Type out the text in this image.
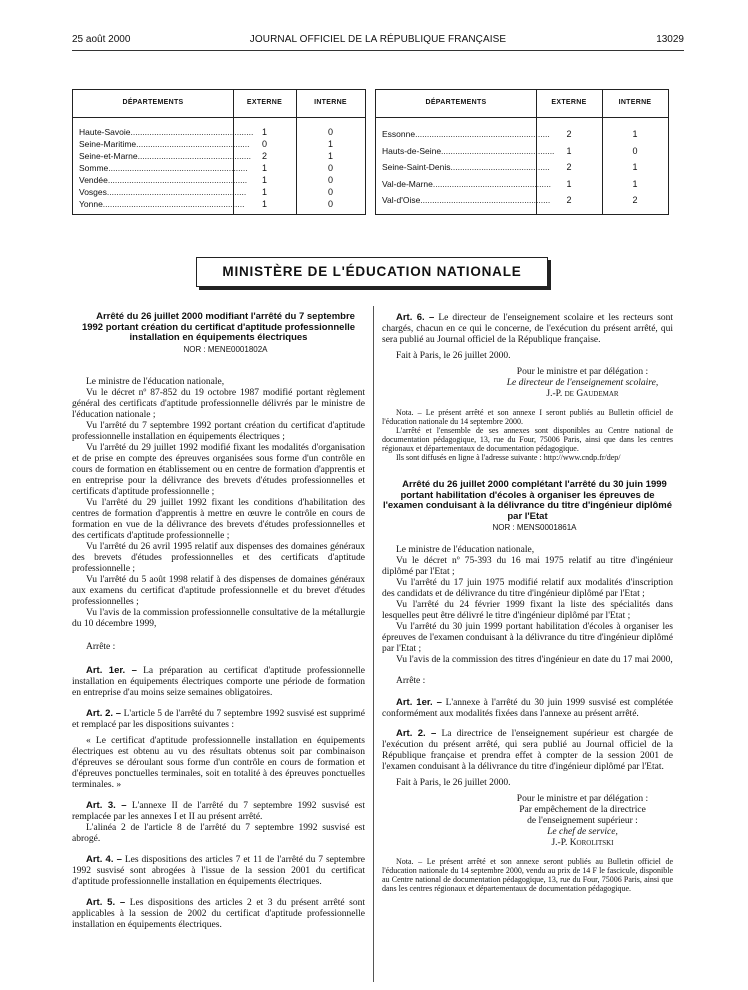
25 août 2000	JOURNAL OFFICIEL DE LA RÉPUBLIQUE FRANÇAISE	13029
DÉPARTEMENTS	EXTERNE	INTERNE
Haute-Savoie.................................................... 1	0
Seine-Maritime................................................	0	1
Seine-et-Marne................................................	2	1
Somme...........................................................	1	0
Vendée...........................................................	1	0
Vosges...........................................................	1	0
Yonne............................................................	1	0
DÉPARTEMENTS	EXTERNE	INTERNE
Essonne.........................................................	2	1
Hauts-de-Seine................................................	1	0
Seine-Saint-Denis..........................................	2	1
Val-de-Marne..................................................	1	1
Val-d'Oise.......................................................	2	2
MINISTÈRE DE L'ÉDUCATION NATIONALE

Arrêté du 26 juillet 2000 modifiant l'arrêté du 7 septembre 1992 portant création du certificat d'aptitude professionnelle installation en équipements électriques

NOR : MENE0001802A

Le ministre de l'éducation nationale,

Vu le décret nº 87-852 du 19 octobre 1987 modifié portant règlement général des certificats d'aptitude professionnelle délivrés par le ministre de l'éducation nationale ;

Vu l'arrêté du 7 septembre 1992 portant création du certificat d'aptitude professionnelle installation en équipements électriques ;

Vu l'arrêté du 29 juillet 1992 modifié fixant les modalités d'organisation et de prise en compte des épreuves organisées sous forme d'un contrôle en cours de formation en établissement ou en centre de formation d'apprentis et en entreprise pour la délivrance des brevets d'études professionnelles et certificats d'aptitude professionnelle ;

Vu l'arrêté du 29 juillet 1992 fixant les conditions d'habilitation des centres de formation d'apprentis à mettre en œuvre le contrôle en cours de formation en vue de la délivrance des brevets d'études professionnelles et des certificats d'aptitude professionnelle ;

Vu l'arrêté du 26 avril 1995 relatif aux dispenses des domaines généraux des brevets d'études professionnelles et des certificats d'aptitude professionnelle ;

Vu l'arrêté du 5 août 1998 relatif à des dispenses de domaines généraux aux examens du certificat d'aptitude professionnelle et du brevet d'études professionnelles ;

Vu l'avis de la commission professionnelle consultative de la métallurgie du 10 décembre 1999,

Arrête :

Art. 1er. – La préparation au certificat d'aptitude professionnelle installation en équipements électriques comporte une période de formation en entreprise d'au moins seize semaines obligatoires.

Art. 2. – L'article 5 de l'arrêté du 7 septembre 1992 susvisé est supprimé et remplacé par les dispositions suivantes :

« Le certificat d'aptitude professionnelle installation en équipements électriques est obtenu au vu des résultats obtenus soit par combinaison d'épreuves se déroulant sous forme d'un contrôle en cours de formation et d'épreuves ponctuelles terminales, soit en totalité à des épreuves ponctuelles terminales. »

Art. 3. – L'annexe II de l'arrêté du 7 septembre 1992 susvisé est remplacée par les annexes I et II au présent arrêté.

L'alinéa 2 de l'article 8 de l'arrêté du 7 septembre 1992 susvisé est abrogé.

Art. 4. – Les dispositions des articles 7 et 11 de l'arrêté du 7 septembre 1992 susvisé sont abrogées à l'issue de la session 2001 du certificat d'aptitude professionnelle installation en équipements électriques.

Art. 5. – Les dispositions des articles 2 et 3 du présent arrêté sont applicables à la session de 2002 du certificat d'aptitude professionnelle installation en équipements électriques.

Art. 6. – Le directeur de l'enseignement scolaire et les recteurs sont chargés, chacun en ce qui le concerne, de l'exécution du présent arrêté, qui sera publié au Journal officiel de la République française.

Fait à Paris, le 26 juillet 2000.

Pour le ministre et par délégation :

Le directeur de l'enseignement scolaire,

J.-P. de Gaudemar

Nota. – Le présent arrêté et son annexe I seront publiés au Bulletin officiel de l'éducation nationale du 14 septembre 2000.

L'arrêté et l'ensemble de ses annexes sont disponibles au Centre national de documentation pédagogique, 13, rue du Four, 75006 Paris, ainsi que dans les centres régionaux et départementaux de documentation pédagogique.

Ils sont diffusés en ligne à l'adresse suivante : http://www.cndp.fr/dep/

Arrêté du 26 juillet 2000 complétant l'arrêté du 30 juin 1999 portant habilitation d'écoles à organiser les épreuves de l'examen conduisant à la délivrance du titre d'ingénieur diplômé par l'Etat

NOR : MENS0001861A

Le ministre de l'éducation nationale,

Vu le décret nº 75-393 du 16 mai 1975 relatif au titre d'ingénieur diplômé par l'Etat ;

Vu l'arrêté du 17 juin 1975 modifié relatif aux modalités d'inscription des candidats et de délivrance du titre d'ingénieur diplômé par l'Etat ;

Vu l'arrêté du 24 février 1999 fixant la liste des spécialités dans lesquelles peut être délivré le titre d'ingénieur diplômé par l'Etat ;

Vu l'arrêté du 30 juin 1999 portant habilitation d'écoles à organiser les épreuves de l'examen conduisant à la délivrance du titre d'ingénieur diplômé par l'Etat ;

Vu l'avis de la commission des titres d'ingénieur en date du 17 mai 2000,

Arrête :

Art. 1er. – L'annexe à l'arrêté du 30 juin 1999 susvisé est complétée conformément aux modalités fixées dans l'annexe au présent arrêté.

Art. 2. – La directrice de l'enseignement supérieur est chargée de l'exécution du présent arrêté, qui sera publié au Journal officiel de la République française et prendra effet à compter de la session 2001 de l'examen conduisant à la délivrance du titre d'ingénieur diplômé par l'Etat.

Fait à Paris, le 26 juillet 2000.

Pour le ministre et par délégation :

Par empêchement de la directrice

de l'enseignement supérieur :

Le chef de service,

J.-P. Korolitski

Nota. – Le présent arrêté et son annexe seront publiés au Bulletin officiel de l'éducation nationale du 14 septembre 2000, vendu au prix de 14 F le fascicule, disponible au Centre national de documentation pédagogique, 13, rue du Four, 75006 Paris, ainsi que dans les centres régionaux et départementaux de documentation pédagogique.
